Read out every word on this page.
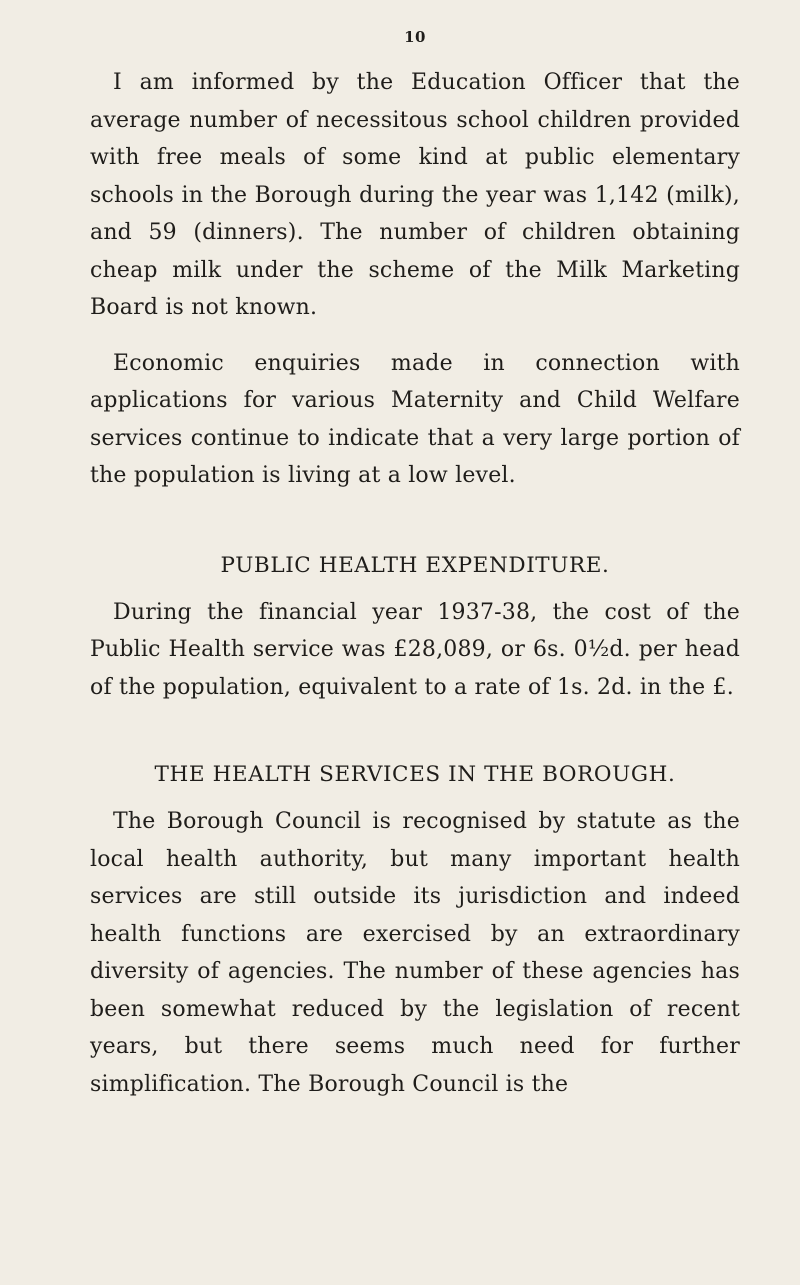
10

I am informed by the Education Officer that the average number of necessitous school children provided with free meals of some kind at public elementary schools in the Borough during the year was 1,142 (milk), and 59 (dinners). The number of children obtaining cheap milk under the scheme of the Milk Marketing Board is not known.

Economic enquiries made in connection with applications for various Maternity and Child Welfare services continue to indicate that a very large portion of the population is living at a low level.

PUBLIC HEALTH EXPENDITURE.

During the financial year 1937-38, the cost of the Public Health service was £28,089, or 6s. 0½d. per head of the population, equivalent to a rate of 1s. 2d. in the £.

THE HEALTH SERVICES IN THE BOROUGH.

The Borough Council is recognised by statute as the local health authority, but many important health services are still outside its jurisdiction and indeed health functions are exercised by an extraordinary diversity of agencies. The number of these agencies has been somewhat reduced by the legislation of recent years, but there seems much need for further simplification. The Borough Council is the
